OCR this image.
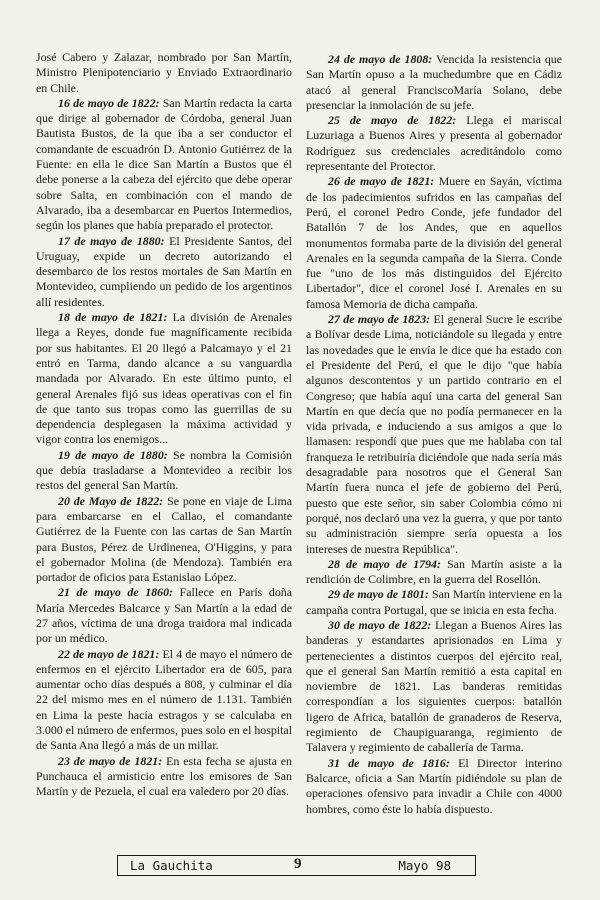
José Cabero y Zalazar, nombrado por San Martín, Ministro Plenipotenciario y Enviado Extraordinario en Chile.

16 de mayo de 1822: San Martín redacta la carta que dirige al gobernador de Córdoba, general Juan Bautista Bustos, de la que iba a ser conductor el comandante de escuadrón D. Antonio Gutiérrez de la Fuente: en ella le dice San Martín a Bustos que él debe ponerse a la cabeza del ejército que debe operar sobre Salta, en combinación con el mando de Alvarado, iba a desembarcar en Puertos Intermedios, según los planes que había preparado el protector.

17 de mayo de 1880: El Presidente Santos, del Uruguay, expide un decreto autorizando el desembarco de los restos mortales de San Martín en Montevideo, cumpliendo un pedido de los argentinos allí residentes.

18 de mayo de 1821: La división de Arenales llega a Reyes, donde fue magníficamente recibida por sus habitantes. El 20 llegó a Palcamayo y el 21 entró en Tarma, dando alcance a su vanguardia mandada por Alvarado. En este último punto, el general Arenales fijó sus ideas operativas con el fin de que tanto sus tropas como las guerrillas de su dependencia desplegasen la máxima actividad y vigor contra los enemigos...

19 de mayo de 1880: Se nombra la Comisión que debía trasladarse a Montevideo a recibir los restos del general San Martín.

20 de Mayo de 1822: Se pone en viaje de Lima para embarcarse en el Callao, el comandante Gutiérrez de la Fuente con las cartas de San Martín para Bustos, Pérez de Urdinenea, O'Higgins, y para el gobernador Molina (de Mendoza). También era portador de oficios para Estanislao López.

21 de mayo de 1860: Fallece en París doña María Mercedes Balcarce y San Martín a la edad de 27 años, víctima de una droga traidora mal indicada por un médico.

22 de mayo de 1821: El 4 de mayo el número de enfermos en el ejército Libertador era de 605, para aumentar ocho días después a 808, y culminar el día 22 del mismo mes en el número de 1.131. También en Lima la peste hacía estragos y se calculaba en 3.000 el número de enfermos, pues solo en el hospital de Santa Ana llegó a más de un millar.

23 de mayo de 1821: En esta fecha se ajusta en Punchauca el armisticio entre los emisores de San Martín y de Pezuela, el cual era valedero por 20 días.

24 de mayo de 1808: Vencida la resistencia que San Martín opuso a la muchedumbre que en Cádiz atacó al general FranciscoMaría Solano, debe presenciar la inmolación de su jefe.

25 de mayo de 1822: Llega el mariscal Luzuriaga a Buenos Aires y presenta al gobernador Rodríguez sus credenciales acreditándolo como representante del Protector.

26 de mayo de 1821: Muere en Sayán, víctima de los padecimientos sufridos en las campañas del Perú, el coronel Pedro Conde, jefe fundador del Batallón 7 de los Andes, que en aquellos monumentos formaba parte de la división del general Arenales en la segunda campaña de la Sierra. Conde fue "uno de los más distinguidos del Ejército Libertador", dice el coronel José I. Arenales en su famosa Memoria de dicha campaña.

27 de mayo de 1823: El general Sucre le escribe a Bolívar desde Lima, noticiándole su llegada y entre las novedades que le envía le dice que ha estado con el Presidente del Perú, el que le dijo "que había algunos descontentos y un partido contrario en el Congreso; que había aquí una carta del general San Martín en que decía que no podía permanecer en la vida privada, e induciendo a sus amigos a que lo llamasen: respondí que pues que me hablaba con tal franqueza le retribuiría diciéndole que nada sería más desagradable para nosotros que el General San Martín fuera nunca el jefe de gobierno del Perú, puesto que este señor, sin saber Colombia cómo ni porqué, nos declaró una vez la guerra, y que por tanto su administración siempre sería opuesta a los intereses de nuestra República".

28 de mayo de 1794: San Martín asiste a la rendición de Colimbre, en la guerra del Rosellón.

29 de mayo de 1801: San Martín interviene en la campaña contra Portugal, que se inicia en esta fecha.

30 de mayo de 1822: Llegan a Buenos Aires las banderas y estandartes aprisionados en Lima y pertenecientes a distintos cuerpos del ejército real, que el general San Martín remitió a esta capital en noviembre de 1821. Las banderas remitidas correspondían a los siguientes cuerpos: batallón ligero de Africa, batallón de granaderos de Reserva, regimiento de Chaupiguaranga, regimiento de Talavera y regimiento de caballería de Tarma.

31 de mayo de 1816: El Director interino Balcarce, oficia a San Martín pidiéndole su plan de operaciones ofensivo para invadir a Chile con 4000 hombres, como éste lo había dispuesto.

La Gauchita	9	Mayo 98
